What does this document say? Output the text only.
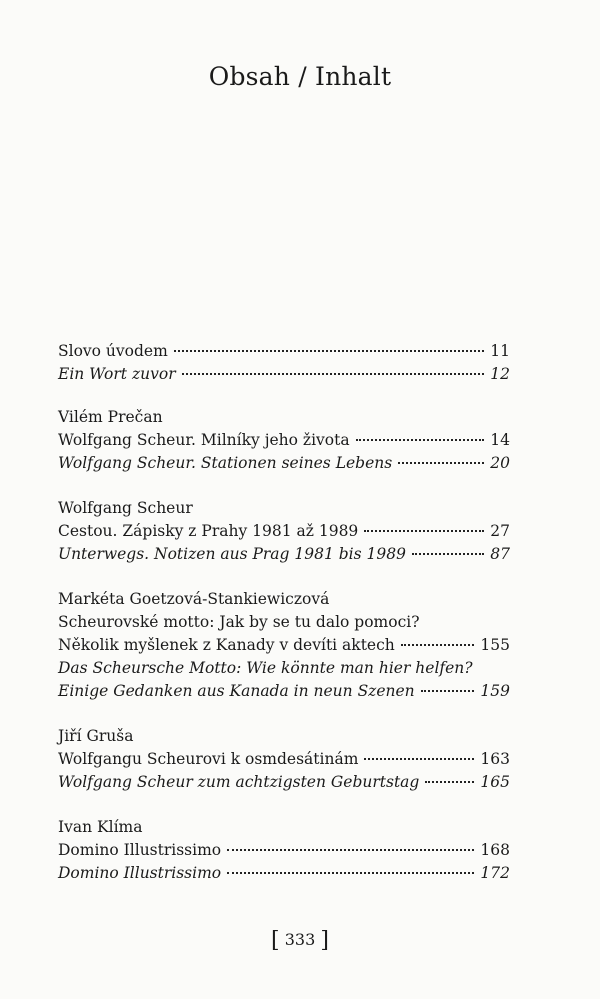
Obsah / Inhalt
Slovo úvodem	11
Ein Wort zuvor	12
Vilém Prečan
Wolfgang Scheur. Milníky jeho života	14
Wolfgang Scheur. Stationen seines Lebens	20
Wolfgang Scheur
Cestou. Zápisky z Prahy 1981 až 1989	27
Unterwegs. Notizen aus Prag 1981 bis 1989	87
Markéta Goetzová-Stankiewiczová
Scheurovské motto: Jak by se tu dalo pomoci?
Několik myšlenek z Kanady v devíti aktech	155
Das Scheursche Motto: Wie könnte man hier helfen?
Einige Gedanken aus Kanada in neun Szenen	159
Jiří Gruša
Wolfgangu Scheurovi k osmdesátinám	163
Wolfgang Scheur zum achtzigsten Geburtstag	165
Ivan Klíma
Domino Illustrissimo	168
Domino Illustrissimo	172
[ 333 ]
